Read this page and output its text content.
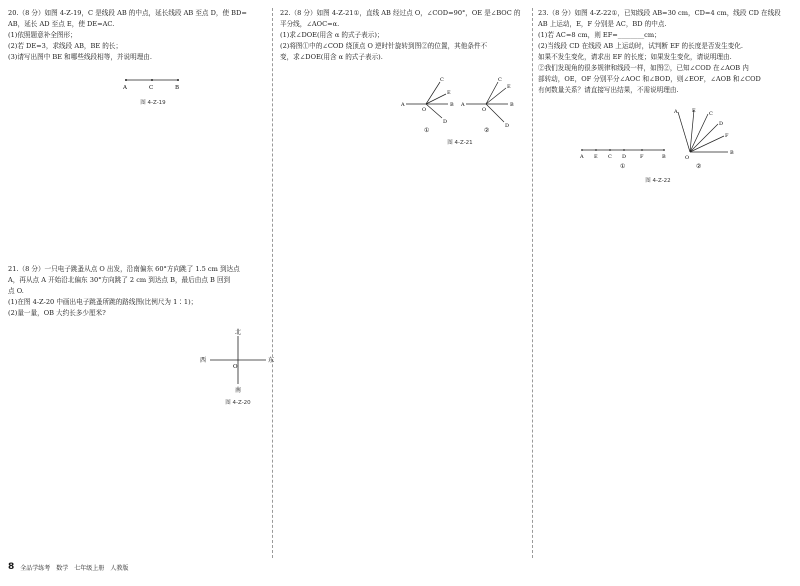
20.（8 分）如图 4-Z-19，C 是线段 AB 的中点，延长线段 AB 至点 D，使 BD=

AB，延长 AD 至点 E，使 DE=AC.

(1)依照题意补全图形；

(2)若 DE=3，求线段 AB，BE 的长；

(3)请写出图中 BE 和哪些线段相等，并说明理由.

A	C	B
图 4-Z-19

21.（8 分）一只电子跳蚤从点 O 出发，沿南偏东 60°方向跳了 1.5 cm 到达点

A，再从点 A 开始沿北偏东 30°方向跳了 2 cm 到达点 B，最后由点 B 回到

点 O.

(1)在图 4-Z-20 中画出电子跳蚤所跳的路线图(比例尺为 1∶1)；

(2)量一量，OB 大约长多少厘米?

北
南
西	东
O
图 4-Z-20

22.（8 分）如图 4-Z-21①，直线 AB 经过点 O，∠COD=90°，OE 是∠BOC 的

平分线，∠AOC=α.

(1)求∠DOE(用含 α 的式子表示)；

(2)将图①中的∠COD 绕顶点 O 逆时针旋转到图②的位置，其他条件不

变，求∠DOE(用含 α 的式子表示).

A
O
B
C
E
D
A
O
B
C
E
D
①	②
图 4-Z-21

23.（8 分）如图 4-Z-22①，已知线段 AB=30 cm，CD=4 cm，线段 CD 在线段

AB 上运动，E，F 分别是 AC，BD 的中点.

(1)若 AC=8 cm，则 EF=________cm；

(2)当线段 CD 在线段 AB 上运动时，试判断 EF 的长度是否发生变化.

如果不发生变化，请求出 EF 的长度；如果发生变化，请说明理由.

②我们发现角的很多规律和线段一样，如图②，已知∠COD 在∠AOB 内

部转动，OE，OF 分别平分∠AOC 和∠BOD，则∠EOF，∠AOB 和∠COD

有何数量关系？请直接写出结果，不需说明理由.

A E C D	F	B
①
A	E	C
D
F
O
B
②
图 4-Z-22
8 全品学练考 数学 七年级上册 人教版
